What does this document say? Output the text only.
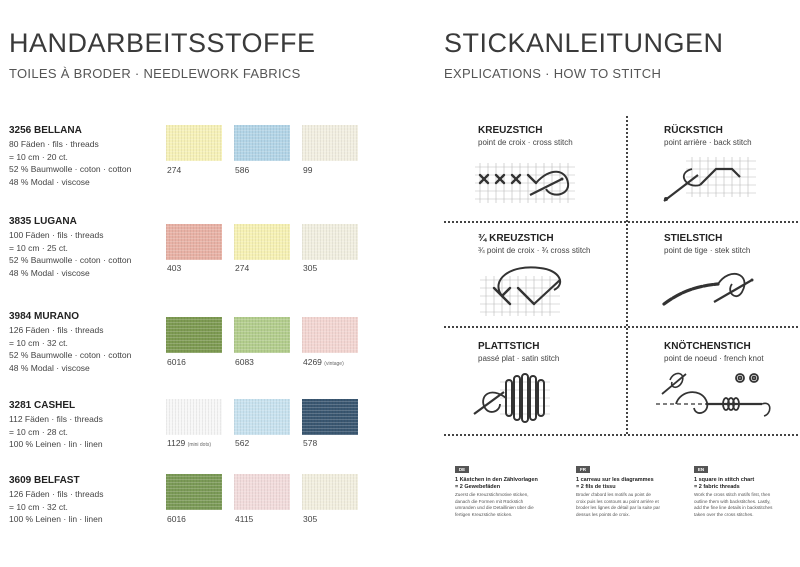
HANDARBEITSSTOFFE
TOILES À BRODER · NEEDLEWORK FABRICS
3256 BELLANA
80 Fäden · fils · threads
= 10 cm · 20 ct.
52 % Baumwolle · coton · cotton
48 % Modal · viscose
274	586	99
3835 LUGANA
100 Fäden · fils · threads
= 10 cm · 25 ct.
52 % Baumwolle · coton · cotton
48 % Modal · viscose	403	274	305
3984 MURANO
126 Fäden · fils · threads
= 10 cm · 32 ct.
52 % Baumwolle · coton · cotton
48 % Modal · viscose
6016	6083	4269 (vintage)
3281 CASHEL
112 Fäden · fils · threads
= 10 cm · 28 ct.
100 % Leinen · lin · linen	1129 (mini dots)	562	578
3609 BELFAST
126 Fäden · fils · threads
= 10 cm · 32 ct.
100 % Leinen · lin · linen	6016	4115	305
STICKANLEITUNGEN
EXPLICATIONS · HOW TO STITCH
KREUZSTICH
point de croix · cross stitch
RÜCKSTICH
point arrière · back stitch
¾ KREUZSTICH
¾ point de croix · ¾ cross stitch
STIELSTICH
point de tige · stek stitch
PLATTSTICH
passé plat · satin stitch
KNÖTCHENSTICH
point de noeud · french knot
DE
1 Kästchen in den Zählvorlagen
= 2 Gewebefäden
Zuerst die Kreuzstichmotive sticken,
danach die Formen mit Rückstich
umranden und die Detaillinien über die
fertigen Kreuzstiche sticken.
FR
1 carreau sur les diagrammes
= 2 fils de tissu
Broder d'abord les motifs au point de
croix puis les contours au point arrière et
broder les lignes de détail par la suite par
dessus les points de croix.
EN
1 square in stitch chart
= 2 fabric threads
Work the cross stitch motifs first, then
outline them with backstitches. Lastly,
add the fine line details in backstitches
taken over the cross stitches.
